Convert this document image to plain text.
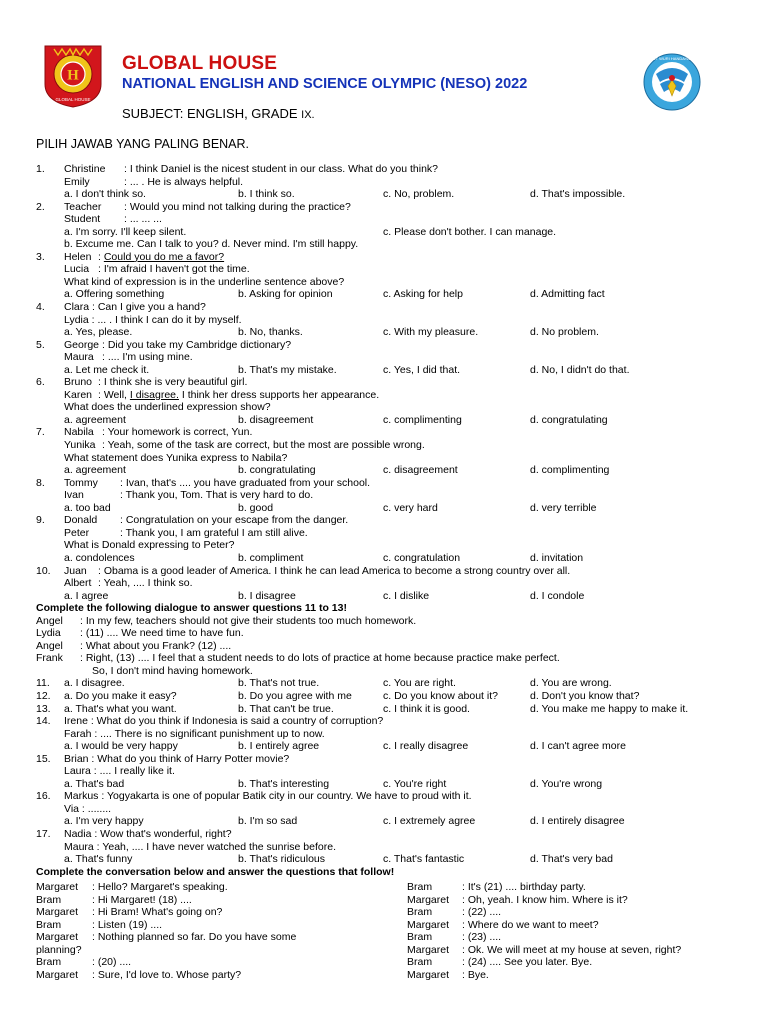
H
GLOBAL HOUSE
GLOBAL HOUSE
NATIONAL ENGLISH AND SCIENCE OLYMPIC (NESO) 2022
SUBJECT: ENGLISH, GRADE IX.
TUT WURI HANDAYANI
PILIH JAWAB YANG PALING BENAR.
1. Christine : I think Daniel is the nicest student in our class. What do you think?
Emily	: ... . He is always helpful.
a. I don't think so.	b. I think so.	c. No, problem.	d. That's impossible.
2. Teacher : Would you mind not talking during the practice?
Student : ... ... ...
a. I'm sorry. I'll keep silent.	c. Please don't bother. I can manage.
b. Excume me. Can I talk to you? d. Never mind. I'm still happy.
3. Helen : Could you do me a favor?
Lucia : I'm afraid I haven't got the time.
What kind of expression is in the underline sentence above?
a. Offering something	b. Asking for opinion	c. Asking for help	d. Admitting fact
4. Clara : Can I give you a hand?
Lydia : ... . I think I can do it by myself.
a. Yes, please.	b. No, thanks.	c. With my pleasure.	d. No problem.
5. George : Did you take my Cambridge dictionary?
Maura : .... I'm using mine.
a. Let me check it.	b. That's my mistake.	c. Yes, I did that.	d. No, I didn't do that.
6. Bruno : I think she is very beautiful girl.
Karen : Well, I disagree. I think her dress supports her appearance.
What does the underlined expression show?
a. agreement	b. disagreement	c. complimenting	d. congratulating
7. Nabila : Your homework is correct, Yun.
Yunika : Yeah, some of the task are correct, but the most are possible wrong.
What statement does Yunika express to Nabila?
a. agreement	b. congratulating	c. disagreement	d. complimenting
8. Tommy : Ivan, that's .... you have graduated from your school.
Ivan	: Thank you, Tom. That is very hard to do.
a. too bad	b. good	c. very hard	d. very terrible
9. Donald : Congratulation on your escape from the danger.
Peter	: Thank you, I am grateful I am still alive.
What is Donald expressing to Peter?
a. condolences	b. compliment	c. congratulation	d. invitation
10. Juan : Obama is a good leader of America. I think he can lead America to become a strong country over all.
Albert : Yeah, .... I think so.
a. I agree	b. I disagree	c. I dislike	d. I condole
Complete the following dialogue to answer questions 11 to 13!
Angel : In my few, teachers should not give their students too much homework.
Lydia : (11) .... We need time to have fun.
Angel : What about you Frank? (12) ....
Frank : Right, (13) .... I feel that a student needs to do lots of practice at home because practice make perfect.
So, I don't mind having homework.
11. a. I disagree.	b. That's not true.	c. You are right.	d. You are wrong.
12. a. Do you make it easy?	b. Do you agree with me	c. Do you know about it?	d. Don't you know that?
13. a. That's what you want.	b. That can't be true.	c. I think it is good.	d. You make me happy to make it.
14. Irene : What do you think if Indonesia is said a country of corruption?
Farah : .... There is no significant punishment up to now.
a. I would be very happy	b. I entirely agree	c. I really disagree	d. I can't agree more
15. Brian : What do you think of Harry Potter movie?
Laura : .... I really like it.
a. That's bad	b. That's interesting	c. You're right	d. You're wrong
16. Markus : Yogyakarta is one of popular Batik city in our country. We have to proud with it.
Via : ........
a. I'm very happy	b. I'm so sad	c. I extremely agree	d. I entirely disagree
17. Nadia : Wow that's wonderful, right?
Maura : Yeah, .... I have never watched the sunrise before.
a. That's funny	b. That's ridiculous	c. That's fantastic	d. That's very bad
Complete the conversation below and answer the questions that follow!
Margaret : Hello? Margaret's speaking.	Bram	: It's (21) .... birthday party.
Bram	: Hi Margaret! (18) ....	Margaret : Oh, yeah. I know him. Where is it?
Margaret : Hi Bram! What's going on?	Bram	: (22) ....
Bram	: Listen (19) ....	Margaret : Where do we want to meet?
Margaret : Nothing planned so far. Do you have some	Bram	: (23) ....
planning?	Margaret : Ok. We will meet at my house at seven, right?
Bram	: (20) ....	Bram	: (24) .... See you later. Bye.
Margaret : Sure, I'd love to. Whose party?	Margaret : Bye.
